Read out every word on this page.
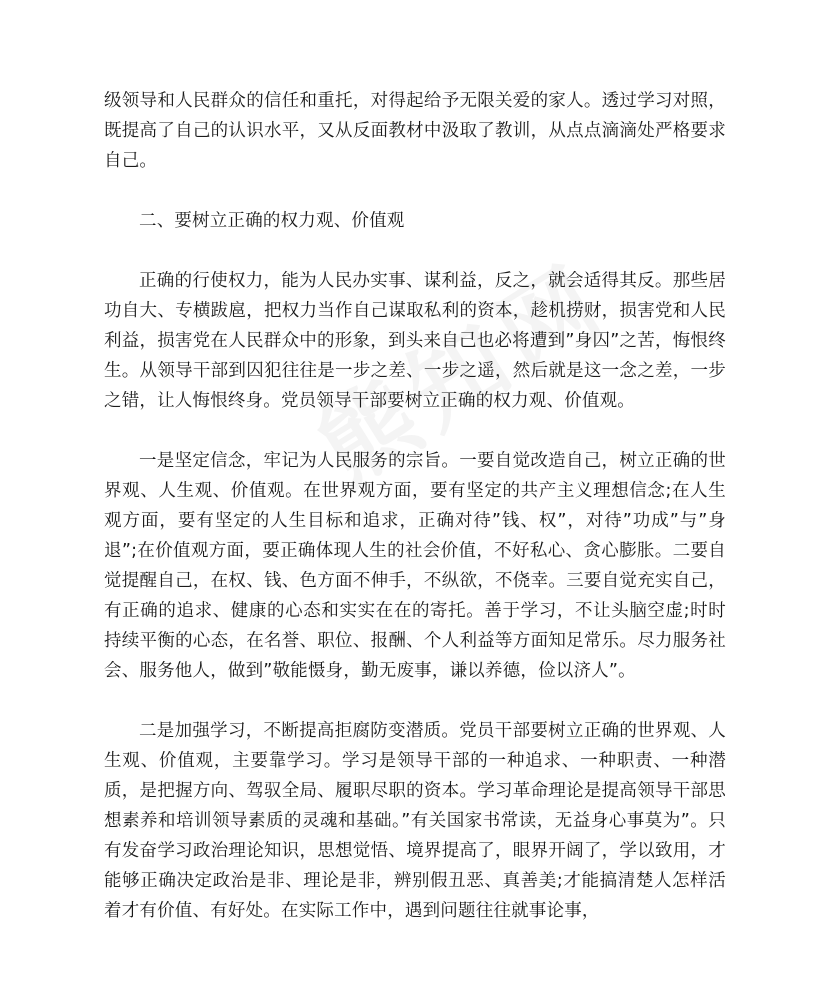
级领导和人民群众的信任和重托，对得起给予无限关爱的家人。透过学习对照，既提高了自己的认识水平，又从反面教材中汲取了教训，从点点滴滴处严格要求自己。

二、要树立正确的权力观、价值观

正确的行使权力，能为人民办实事、谋利益，反之，就会适得其反。那些居功自大、专横跋扈，把权力当作自己谋取私利的资本，趁机捞财，损害党和人民利益，损害党在人民群众中的形象，到头来自己也必将遭到”身囚”之苦，悔恨终生。从领导干部到囚犯往往是一步之差、一步之遥，然后就是这一念之差，一步之错，让人悔恨终身。党员领导干部要树立正确的权力观、价值观。

一是坚定信念，牢记为人民服务的宗旨。一要自觉改造自己，树立正确的世界观、人生观、价值观。在世界观方面，要有坚定的共产主义理想信念;在人生观方面，要有坚定的人生目标和追求，正确对待”钱、权”，对待”功成”与”身退”;在价值观方面，要正确体现人生的社会价值，不好私心、贪心膨胀。二要自觉提醒自己，在权、钱、色方面不伸手，不纵欲，不侥幸。三要自觉充实自己，有正确的追求、健康的心态和实实在在的寄托。善于学习，不让头脑空虚;时时持续平衡的心态，在名誉、职位、报酬、个人利益等方面知足常乐。尽力服务社会、服务他人，做到”敬能慑身，勤无废事，谦以养德，俭以济人”。

二是加强学习，不断提高拒腐防变潜质。党员干部要树立正确的世界观、人生观、价值观，主要靠学习。学习是领导干部的一种追求、一种职责、一种潜质，是把握方向、驾驭全局、履职尽职的资本。学习革命理论是提高领导干部思想素养和培训领导素质的灵魂和基础。”有关国家书常读，无益身心事莫为”。只有发奋学习政治理论知识，思想觉悟、境界提高了，眼界开阔了，学以致用，才能够正确决定政治是非、理论是非，辨别假丑恶、真善美;才能搞清楚人怎样活着才有价值、有好处。在实际工作中，遇到问题往往就事论事，
